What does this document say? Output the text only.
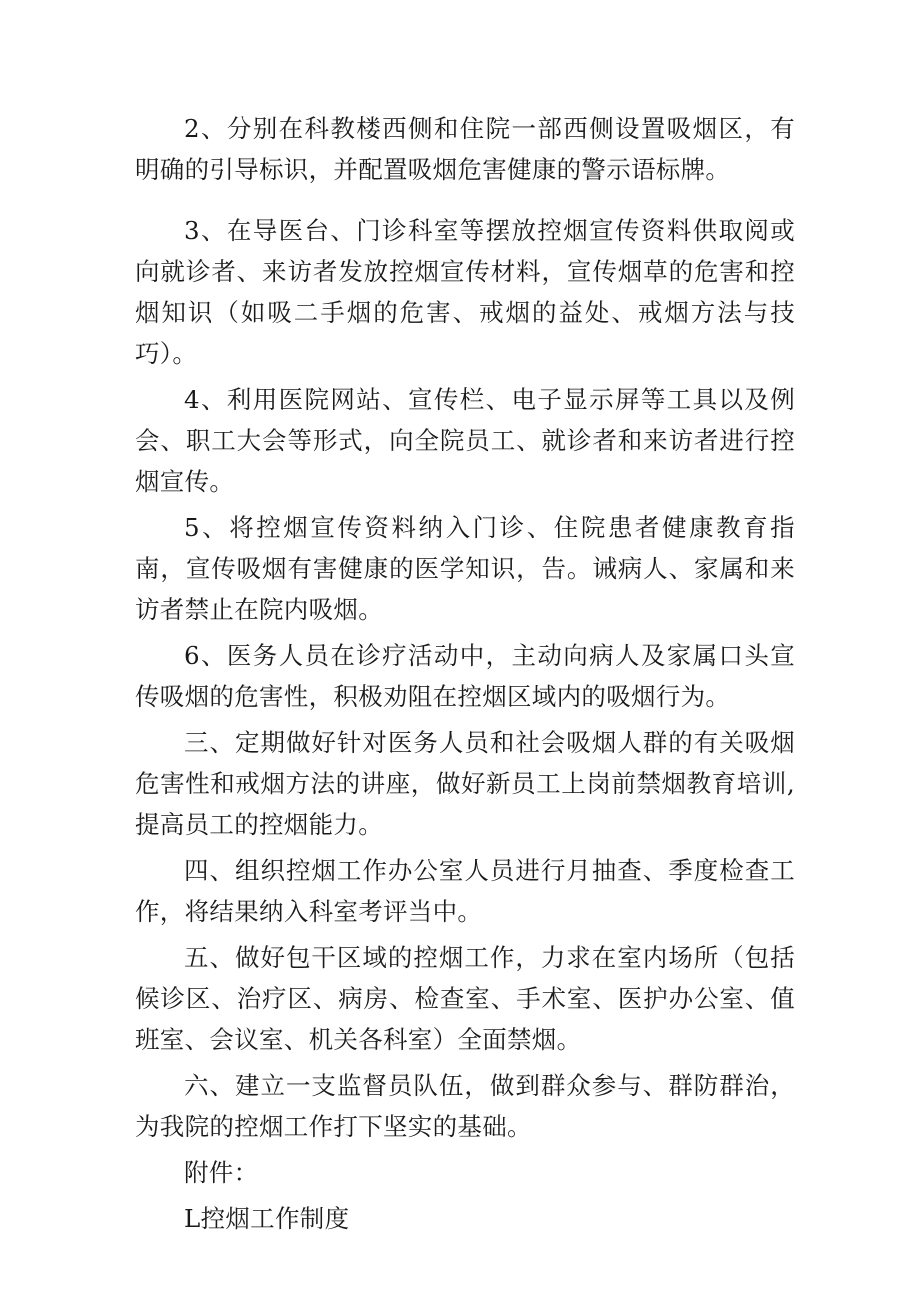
2、分别在科教楼西侧和住院一部西侧设置吸烟区，有明确的引导标识，并配置吸烟危害健康的警示语标牌。

3、在导医台、门诊科室等摆放控烟宣传资料供取阅或向就诊者、来访者发放控烟宣传材料，宣传烟草的危害和控烟知识（如吸二手烟的危害、戒烟的益处、戒烟方法与技巧）。

4、利用医院网站、宣传栏、电子显示屏等工具以及例会、职工大会等形式，向全院员工、就诊者和来访者进行控烟宣传。

5、将控烟宣传资料纳入门诊、住院患者健康教育指南，宣传吸烟有害健康的医学知识，告。诫病人、家属和来访者禁止在院内吸烟。

6、医务人员在诊疗活动中，主动向病人及家属口头宣传吸烟的危害性，积极劝阻在控烟区域内的吸烟行为。

三、定期做好针对医务人员和社会吸烟人群的有关吸烟危害性和戒烟方法的讲座，做好新员工上岗前禁烟教育培训,提高员工的控烟能力。

四、组织控烟工作办公室人员进行月抽查、季度检查工作，将结果纳入科室考评当中。

五、做好包干区域的控烟工作，力求在室内场所（包括候诊区、治疗区、病房、检查室、手术室、医护办公室、值班室、会议室、机关各科室）全面禁烟。

六、建立一支监督员队伍，做到群众参与、群防群治，为我院的控烟工作打下坚实的基础。

附件：

L控烟工作制度
